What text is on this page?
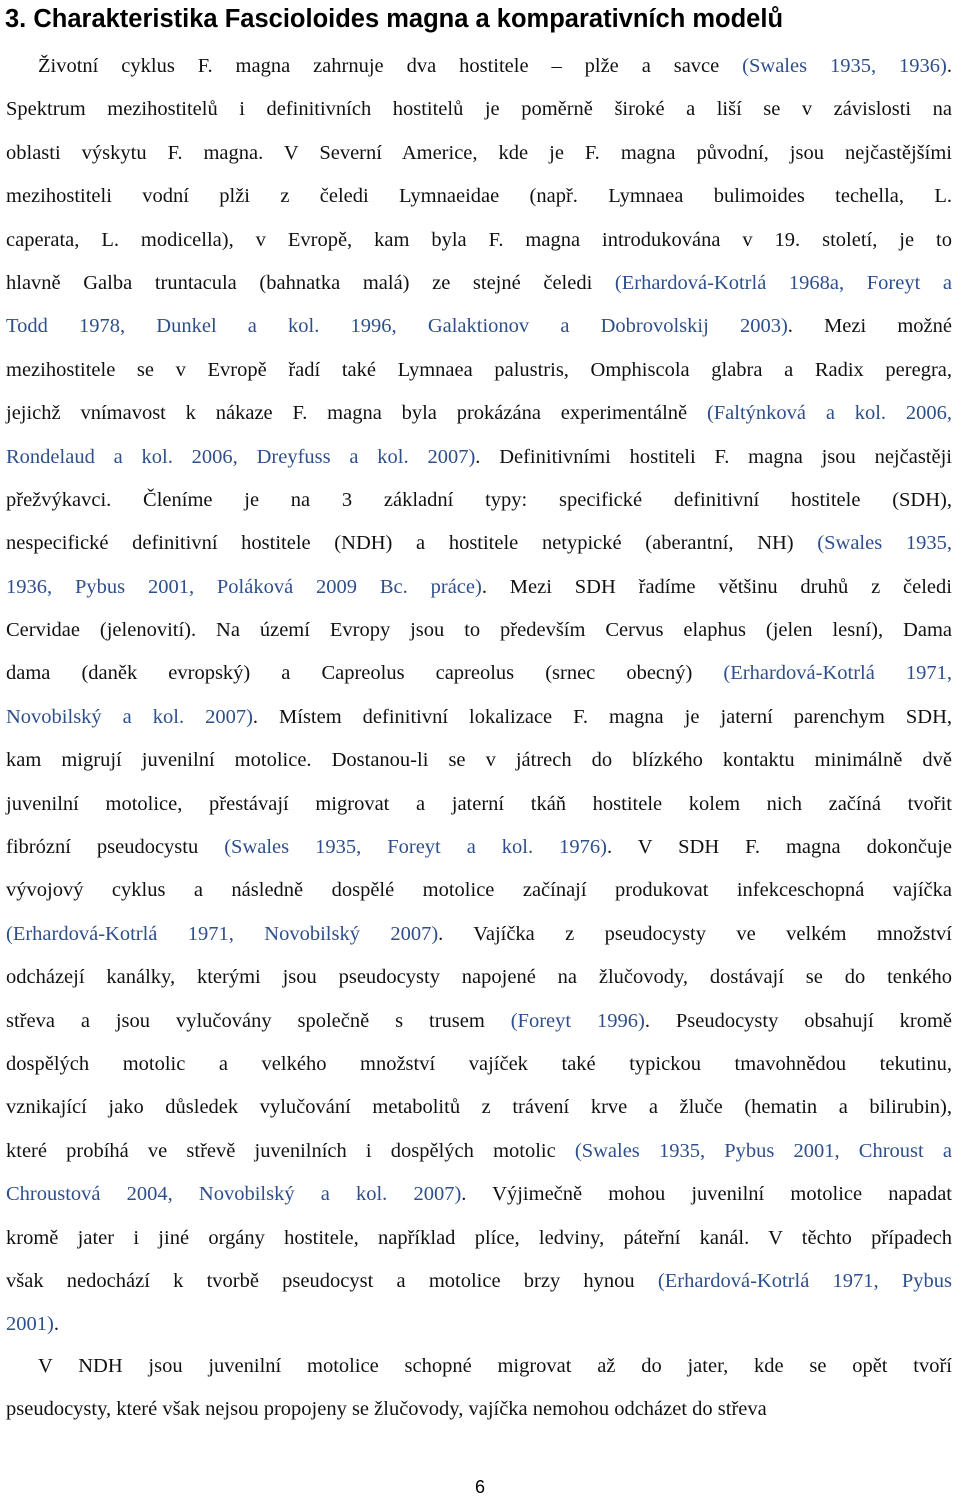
3. Charakteristika Fascioloides magna a komparativních modelů
Životní cyklus F. magna zahrnuje dva hostitele – plže a savce (Swales 1935, 1936).
Spektrum mezihostitelů i definitivních hostitelů je poměrně široké a liší se v závislosti na
oblasti výskytu F. magna. V Severní Americe, kde je F. magna původní, jsou nejčastějšími
mezihostiteli vodní plži z čeledi Lymnaeidae (např. Lymnaea bulimoides techella, L.
caperata, L. modicella), v Evropě, kam byla F. magna introdukována v 19. století, je to
hlavně Galba truntacula (bahnatka malá) ze stejné čeledi (Erhardová-Kotrlá 1968a, Foreyt a
Todd 1978, Dunkel a kol. 1996, Galaktionov a Dobrovolskij 2003). Mezi možné
mezihostitele se v Evropě řadí také Lymnaea palustris, Omphiscola glabra a Radix peregra,
jejichž vnímavost k nákaze F. magna byla prokázána experimentálně (Faltýnková a kol. 2006,
Rondelaud a kol. 2006, Dreyfuss a kol. 2007). Definitivními hostiteli F. magna jsou nejčastěji
přežvýkavci. Členíme je na 3 základní typy: specifické definitivní hostitele (SDH),
nespecifické definitivní hostitele (NDH) a hostitele netypické (aberantní, NH) (Swales 1935,
1936, Pybus 2001, Poláková 2009 Bc. práce). Mezi SDH řadíme většinu druhů z čeledi
Cervidae (jelenovití). Na území Evropy jsou to především Cervus elaphus (jelen lesní), Dama
dama (daněk evropský) a Capreolus capreolus (srnec obecný) (Erhardová-Kotrlá 1971,
Novobilský a kol. 2007). Místem definitivní lokalizace F. magna je jaterní parenchym SDH,
kam migrují juvenilní motolice. Dostanou-li se v játrech do blízkého kontaktu minimálně dvě
juvenilní motolice, přestávají migrovat a jaterní tkáň hostitele kolem nich začíná tvořit
fibrózní pseudocystu (Swales 1935, Foreyt a kol. 1976). V SDH F. magna dokončuje
vývojový cyklus a následně dospělé motolice začínají produkovat infekceschopná vajíčka
(Erhardová-Kotrlá 1971, Novobilský 2007). Vajíčka z pseudocysty ve velkém množství
odcházejí kanálky, kterými jsou pseudocysty napojené na žlučovody, dostávají se do tenkého
střeva a jsou vylučovány společně s trusem (Foreyt 1996). Pseudocysty obsahují kromě
dospělých motolic a velkého množství vajíček také typickou tmavohnědou tekutinu,
vznikající jako důsledek vylučování metabolitů z trávení krve a žluče (hematin a bilirubin),
které probíhá ve střevě juvenilních i dospělých motolic (Swales 1935, Pybus 2001, Chroust a
Chroustová 2004, Novobilský a kol. 2007). Výjimečně mohou juvenilní motolice napadat
kromě jater i jiné orgány hostitele, například plíce, ledviny, páteřní kanál. V těchto případech
však nedochází k tvorbě pseudocyst a motolice brzy hynou (Erhardová-Kotrlá 1971, Pybus
2001).
V NDH jsou juvenilní motolice schopné migrovat až do jater, kde se opět tvoří
pseudocysty, které však nejsou propojeny se žlučovody, vajíčka nemohou odcházet do střeva
6
